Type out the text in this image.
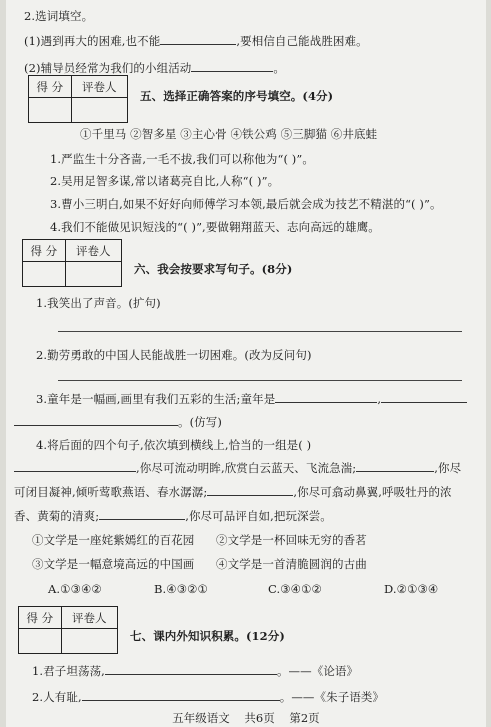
2.选词填空。
(1)遇到再大的困难,也不能	,要相信自己能战胜困难。
(2)辅导员经常为我们的小组活动	。
得 分	评卷人
五、选择正确答案的序号填空。(4分)
①千里马 ②智多星 ③主心骨 ④铁公鸡 ⑤三脚猫 ⑥井底蛙
1.严监生十分吝啬,一毛不拔,我们可以称他为“( )”。
2.吴用足智多谋,常以诸葛亮自比,人称“( )”。
3.曹小三明白,如果不好好向师傅学习本领,最后就会成为技艺不精湛的“( )”。
4.我们不能做见识短浅的“( )”,要做翱翔蓝天、志向高远的雄鹰。
得 分	评卷人
六、我会按要求写句子。(8分)
1.我笑出了声音。(扩句)
2.勤劳勇敢的中国人民能战胜一切困难。(改为反问句)
3.童年是一幅画,画里有我们五彩的生活;童年是	,
。(仿写)
4.将后面的四个句子,依次填到横线上,恰当的一组是( )
,你尽可流动明眸,欣赏白云蓝天、飞流急湍;	,你尽
可闭目凝神,倾听莺歌燕语、春水潺潺;	,你尽可翕动鼻翼,呼吸牡丹的浓
香、黄菊的清爽;	,你尽可品评自如,把玩深尝。
①文学是一座姹紫嫣红的百花园 ②文学是一杯回味无穷的香茗
③文学是一幅意境高远的中国画 ④文学是一首清脆圆润的古曲
A.①③④②	B.④③②①	C.③④①②	D.②①③④
得 分	评卷人
七、课内外知识积累。(12分)
1.君子坦荡荡,	。——《论语》
2.人有耻,	。——《朱子语类》
五年级语文    共6页    第2页
